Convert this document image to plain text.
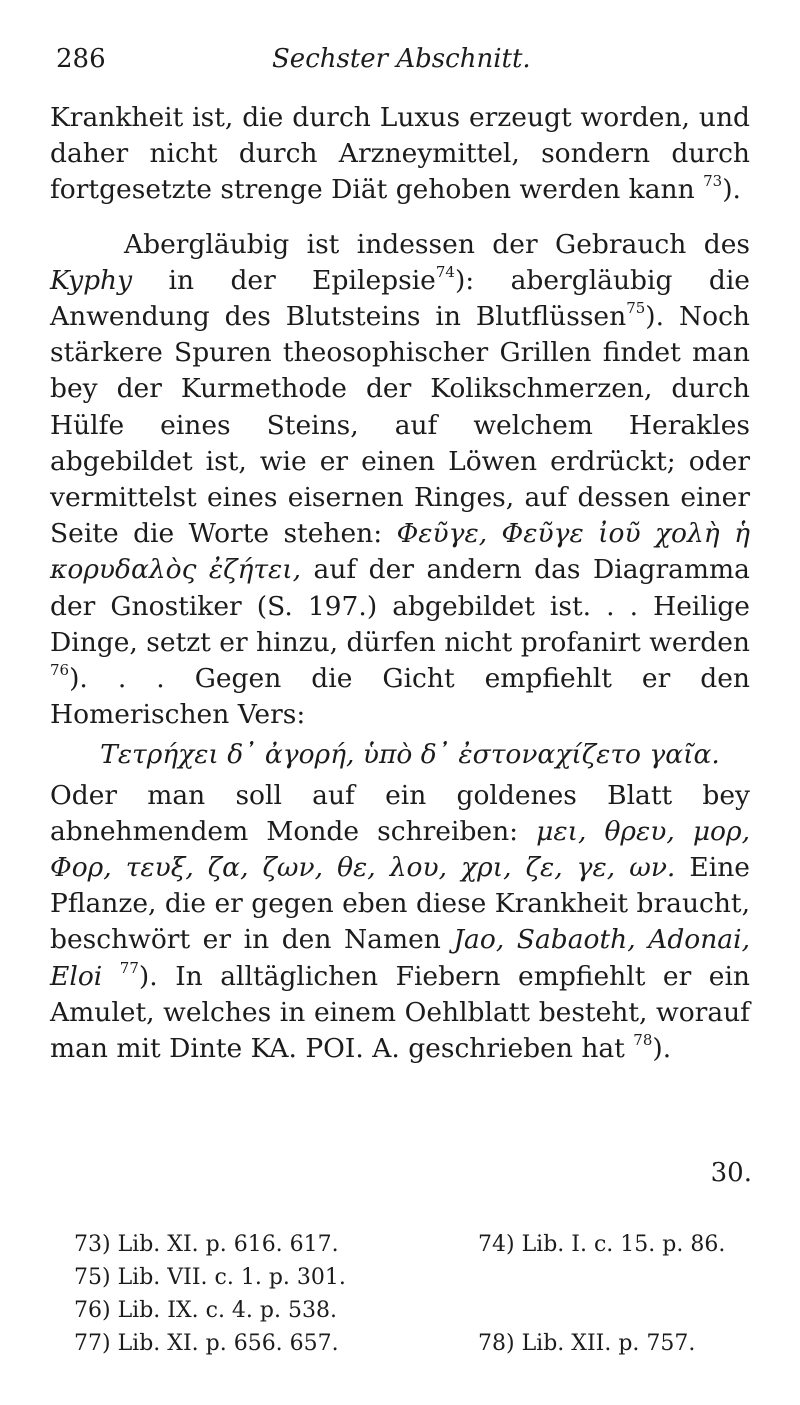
286	Sechster Abschnitt.

Krankheit ist, die durch Luxus erzeugt worden, und daher nicht durch Arzneymittel, sondern durch fortgesetzte strenge Diät gehoben werden kann $^{73}$).

Abergläubig ist indessen der Gebrauch des Kyphy in der Epilepsie$^{74}$): abergläubig die Anwendung des Blutsteins in Blutflüssen$^{75}$). Noch stärkere Spuren theosophischer Grillen findet man bey der Kurmethode der Kolikschmerzen, durch Hülfe eines Steins, auf welchem Herakles abgebildet ist, wie er einen Löwen erdrückt; oder vermittelst eines eisernen Ringes, auf dessen einer Seite die Worte stehen: Φεῦγε, Φεῦγε ἰοῦ χολὴ ἡ κορυδαλὸς ἐζήτει, auf der andern das Diagramma der Gnostiker (S. 197.) abgebildet ist. . . Heilige Dinge, setzt er hinzu, dürfen nicht profanirt werden $^{76}$). . . Gegen die Gicht empfiehlt er den Homerischen Vers:

Τετρήχει δ᾽ ἀγορή, ὑπὸ δ᾽ ἐστοναχίζετο γαῖα.

Oder man soll auf ein goldenes Blatt bey abnehmendem Monde schreiben: μει, θρευ, μορ, Φορ, τευξ, ζα, ζων, θε, λου, χρι, ζε, γε, ων. Eine Pflanze, die er gegen eben diese Krankheit braucht, beschwört er in den Namen Jao, Sabaoth, Adonai, Eloi $^{77}$). In alltäglichen Fiebern empfiehlt er ein Amulet, welches in einem Oehlblatt besteht, worauf man mit Dinte KA. POI. A. geschrieben hat $^{78}$).

30.
73) Lib. XI. p. 616. 617.	74) Lib. I. c. 15. p. 86.
75) Lib. VII. c. 1. p. 301.
76) Lib. IX. c. 4. p. 538.
77) Lib. XI. p. 656. 657.	78) Lib. XII. p. 757.
